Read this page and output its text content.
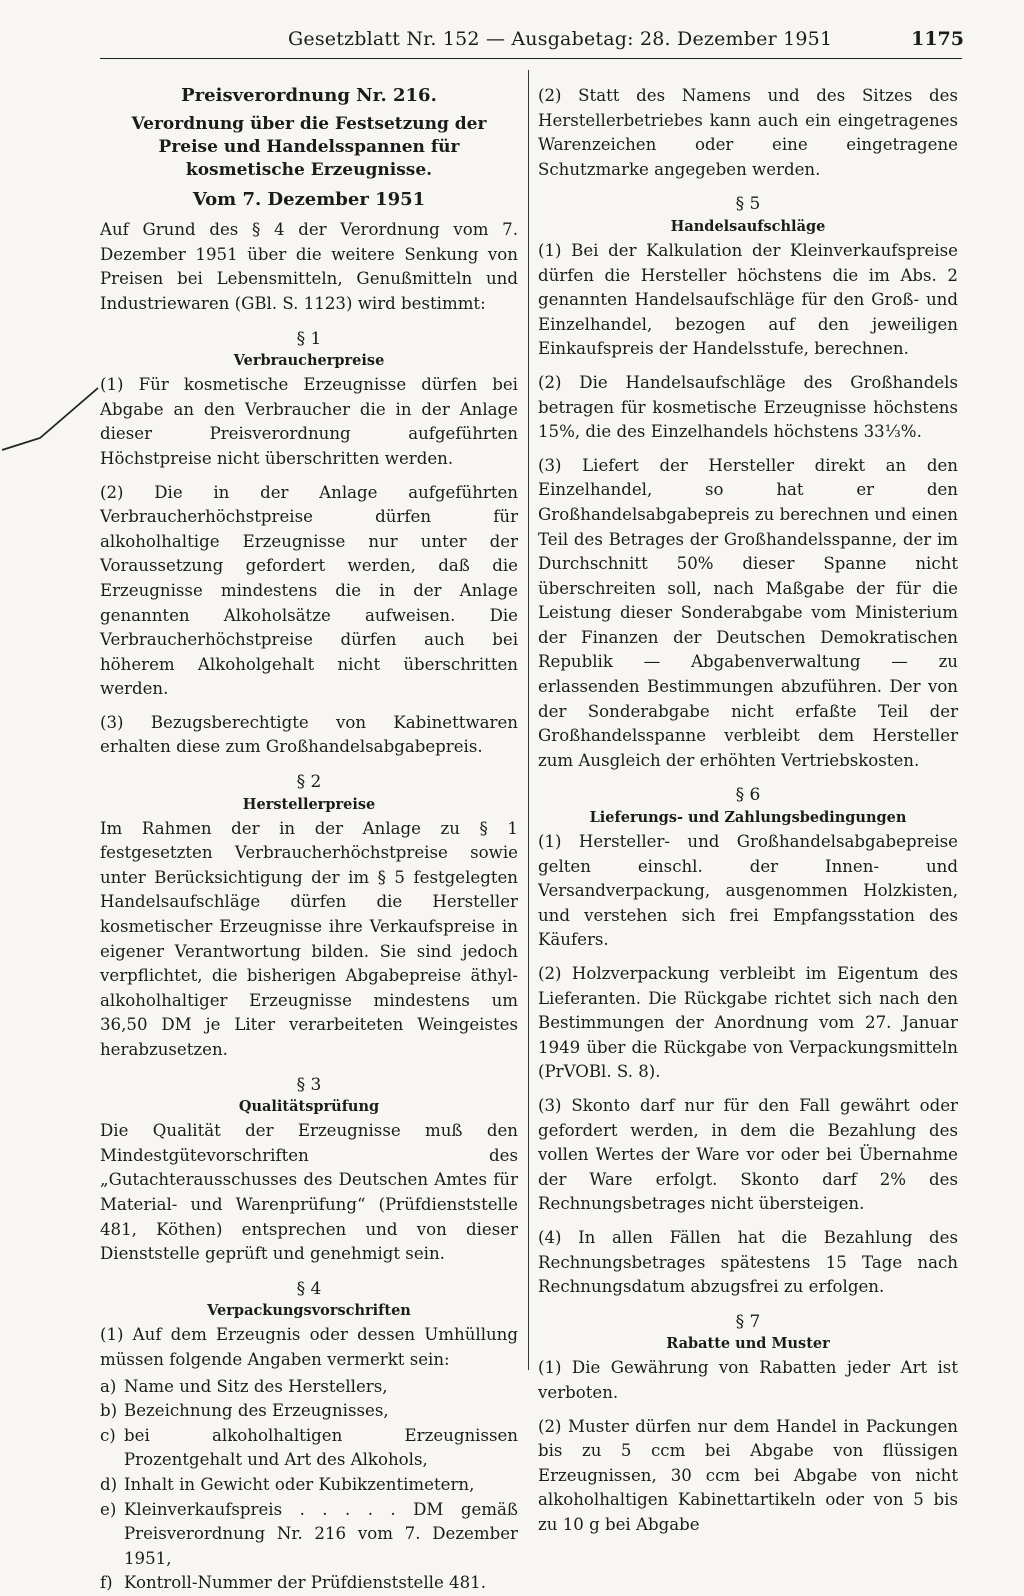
Gesetzblatt Nr. 152 — Ausgabetag: 28. Dezember 1951	1175

Preisverordnung Nr. 216.

Verordnung über die Festsetzung der Preise und Handelsspannen für kosmetische Erzeugnisse.

Vom 7. Dezember 1951

Auf Grund des § 4 der Verordnung vom 7. Dezember 1951 über die weitere Senkung von Preisen bei Lebensmitteln, Genußmitteln und Industriewaren (GBl. S. 1123) wird bestimmt:

§ 1

Verbraucherpreise

(1) Für kosmetische Erzeugnisse dürfen bei Abgabe an den Verbraucher die in der Anlage dieser Preisverordnung aufgeführten Höchstpreise nicht überschritten werden.

(2) Die in der Anlage aufgeführten Verbraucherhöchstpreise dürfen für alkoholhaltige Erzeugnisse nur unter der Voraussetzung gefordert werden, daß die Erzeugnisse mindestens die in der Anlage genannten Alkoholsätze aufweisen. Die Verbraucherhöchstpreise dürfen auch bei höherem Alkoholgehalt nicht überschritten werden.

(3) Bezugsberechtigte von Kabinettwaren erhalten diese zum Großhandelsabgabepreis.

§ 2

Herstellerpreise

Im Rahmen der in der Anlage zu § 1 festgesetzten Verbraucherhöchstpreise sowie unter Berücksichtigung der im § 5 festgelegten Handelsaufschläge dürfen die Hersteller kosmetischer Erzeugnisse ihre Verkaufspreise in eigener Verantwortung bilden. Sie sind jedoch verpflichtet, die bisherigen Abgabepreise äthyl-alkoholhaltiger Erzeugnisse mindestens um 36,50 DM je Liter verarbeiteten Weingeistes herabzusetzen.

§ 3

Qualitätsprüfung

Die Qualität der Erzeugnisse muß den Mindestgütevorschriften des „Gutachterausschusses des Deutschen Amtes für Material- und Warenprüfung“ (Prüfdienststelle 481, Köthen) entsprechen und von dieser Dienststelle geprüft und genehmigt sein.

§ 4

Verpackungsvorschriften

(1) Auf dem Erzeugnis oder dessen Umhüllung müssen folgende Angaben vermerkt sein:

a) Name und Sitz des Herstellers,
b) Bezeichnung des Erzeugnisses,
c) bei alkoholhaltigen Erzeugnissen Prozentgehalt und Art des Alkohols,
d) Inhalt in Gewicht oder Kubikzentimetern,
e) Kleinverkaufspreis . . . . . DM gemäß Preisverordnung Nr. 216 vom 7. Dezember 1951,
f) Kontroll-Nummer der Prüfdienststelle 481.

(2) Statt des Namens und des Sitzes des Herstellerbetriebes kann auch ein eingetragenes Warenzeichen oder eine eingetragene Schutzmarke angegeben werden.

§ 5

Handelsaufschläge

(1) Bei der Kalkulation der Kleinverkaufspreise dürfen die Hersteller höchstens die im Abs. 2 genannten Handelsaufschläge für den Groß- und Einzelhandel, bezogen auf den jeweiligen Einkaufspreis der Handelsstufe, berechnen.

(2) Die Handelsaufschläge des Großhandels betragen für kosmetische Erzeugnisse höchstens 15%, die des Einzelhandels höchstens 33⅓%.

(3) Liefert der Hersteller direkt an den Einzelhandel, so hat er den Großhandelsabgabepreis zu berechnen und einen Teil des Betrages der Großhandelsspanne, der im Durchschnitt 50% dieser Spanne nicht überschreiten soll, nach Maßgabe der für die Leistung dieser Sonderabgabe vom Ministerium der Finanzen der Deutschen Demokratischen Republik — Abgabenverwaltung — zu erlassenden Bestimmungen abzuführen. Der von der Sonderabgabe nicht erfaßte Teil der Großhandelsspanne verbleibt dem Hersteller zum Ausgleich der erhöhten Vertriebskosten.

§ 6

Lieferungs- und Zahlungsbedingungen

(1) Hersteller- und Großhandelsabgabepreise gelten einschl. der Innen- und Versandverpackung, ausgenommen Holzkisten, und verstehen sich frei Empfangsstation des Käufers.

(2) Holzverpackung verbleibt im Eigentum des Lieferanten. Die Rückgabe richtet sich nach den Bestimmungen der Anordnung vom 27. Januar 1949 über die Rückgabe von Verpackungsmitteln (PrVOBl. S. 8).

(3) Skonto darf nur für den Fall gewährt oder gefordert werden, in dem die Bezahlung des vollen Wertes der Ware vor oder bei Übernahme der Ware erfolgt. Skonto darf 2% des Rechnungsbetrages nicht übersteigen.

(4) In allen Fällen hat die Bezahlung des Rechnungsbetrages spätestens 15 Tage nach Rechnungsdatum abzugsfrei zu erfolgen.

§ 7

Rabatte und Muster

(1) Die Gewährung von Rabatten jeder Art ist verboten.

(2) Muster dürfen nur dem Handel in Packungen bis zu 5 ccm bei Abgabe von flüssigen Erzeugnissen, 30 ccm bei Abgabe von nicht alkoholhaltigen Kabinettartikeln oder von 5 bis zu 10 g bei Abgabe
